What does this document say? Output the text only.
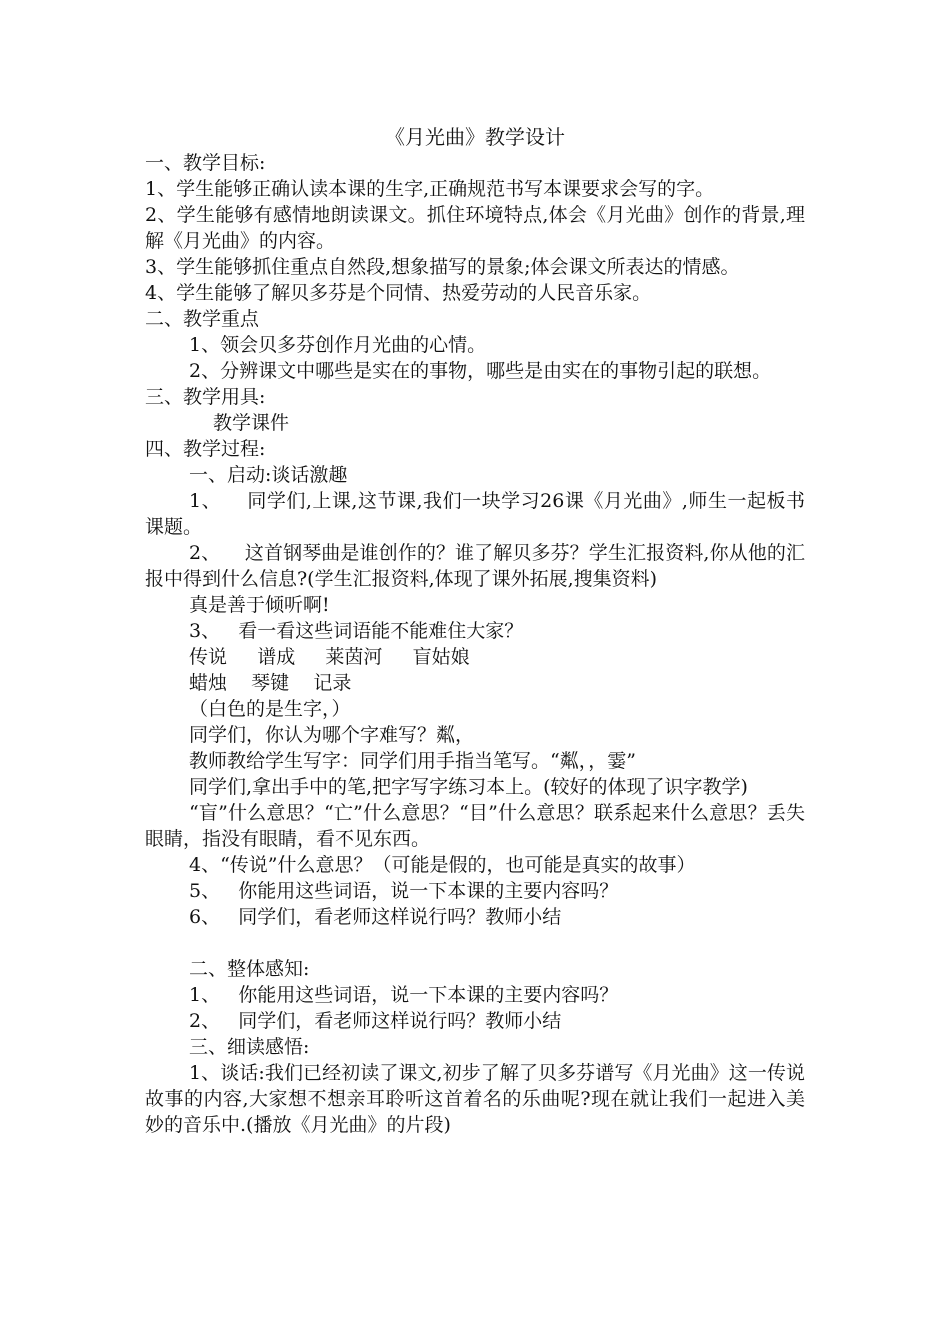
《月光曲》教学设计

一、教学目标:

1、学生能够正确认读本课的生字,正确规范书写本课要求会写的字。

2、学生能够有感情地朗读课文。抓住环境特点,体会《月光曲》创作的背景,理解《月光曲》的内容。

3、学生能够抓住重点自然段,想象描写的景象;体会课文所表达的情感。

4、学生能够了解贝多芬是个同情、热爱劳动的人民音乐家。

二、教学重点

1、领会贝多芬创作月光曲的心情。

2、分辨课文中哪些是实在的事物，哪些是由实在的事物引起的联想。

三、教学用具:

教学课件

四、教学过程:

一、启动:谈话激趣

1、    同学们,上课,这节课,我们一块学习26课《月光曲》,师生一起板书课题。

2、    这首钢琴曲是谁创作的？谁了解贝多芬？学生汇报资料,你从他的汇报中得到什么信息?(学生汇报资料,体现了课外拓展,搜集资料)

真是善于倾听啊!

3、   看一看这些词语能不能难住大家？

传说     谱成     莱茵河     盲姑娘

蜡烛    琴键    记录

（白色的是生字，）

同学们，你认为哪个字难写？粼，

教师教给学生写字：同学们用手指当笔写。“粼，，霎”

同学们,拿出手中的笔,把字写字练习本上。(较好的体现了识字教学)

“盲”什么意思？“亡”什么意思？“目”什么意思？联系起来什么意思？丢失眼睛，指没有眼睛，看不见东西。

4、“传说”什么意思？（可能是假的，也可能是真实的故事）

5、   你能用这些词语，说一下本课的主要内容吗？

6、   同学们，看老师这样说行吗？教师小结

二、整体感知:

1、   你能用这些词语，说一下本课的主要内容吗？

2、   同学们，看老师这样说行吗？教师小结

三、细读感悟:

1、谈话:我们已经初读了课文,初步了解了贝多芬谱写《月光曲》这一传说故事的内容,大家想不想亲耳聆听这首着名的乐曲呢?现在就让我们一起进入美妙的音乐中.(播放《月光曲》的片段)
